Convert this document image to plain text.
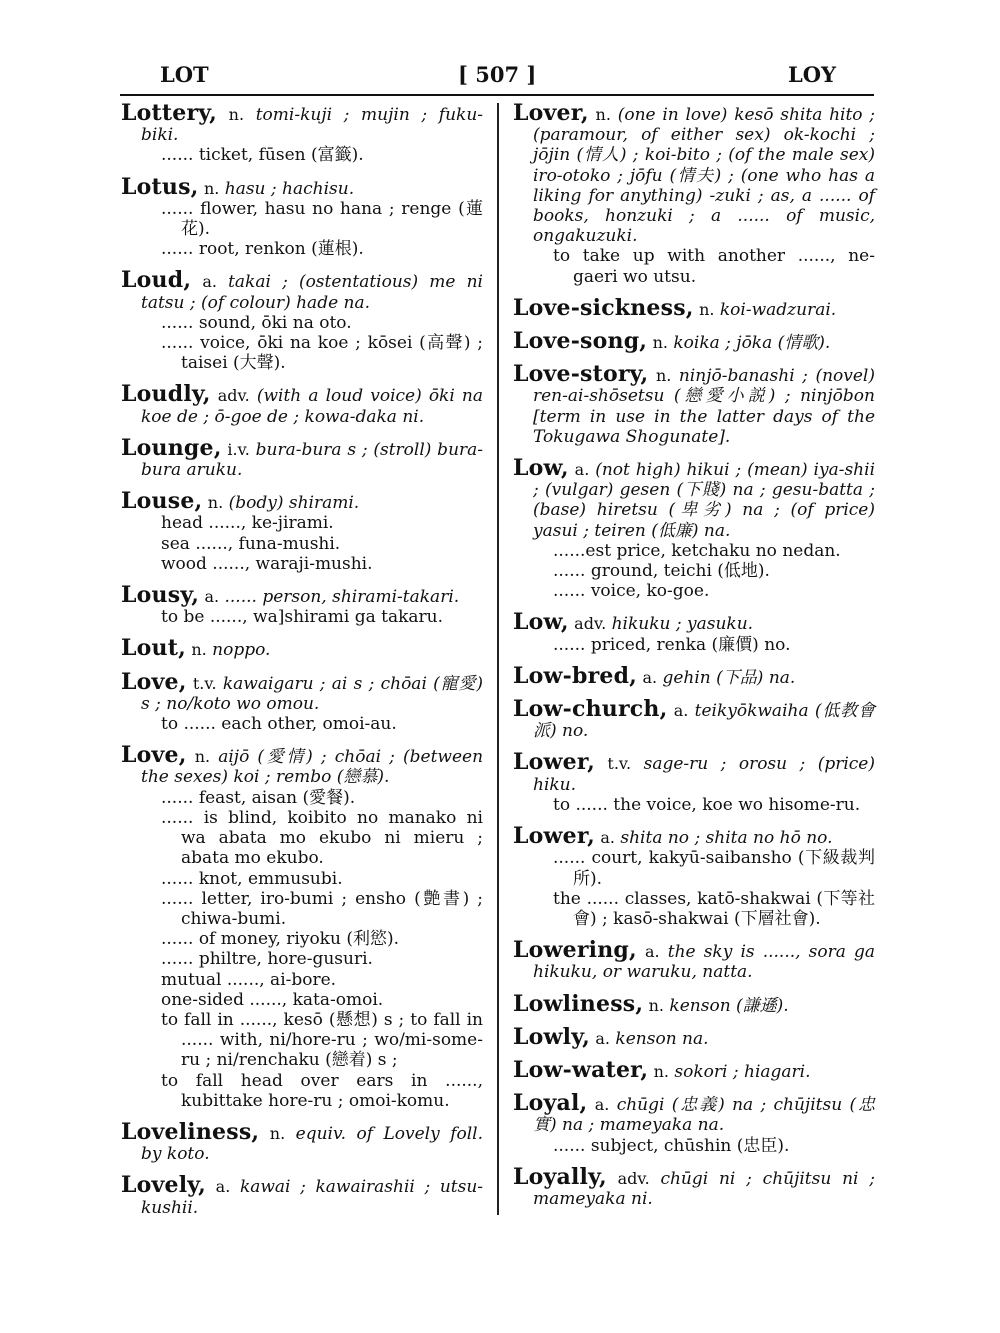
LOT	[ 507 ]	LOY
Lottery, n. tomi-kuji ; mujin ; fuku-biki.
...... ticket, fūsen (富籤).
Lotus, n. hasu ; hachisu.
...... flower, hasu no hana ; renge (蓮花).
...... root, renkon (蓮根).
Loud, a. takai ; (ostentatious) me ni tatsu ; (of colour) hade na.
...... sound, ōki na oto.
...... voice, ōki na koe ; kōsei (高聲) ; taisei (大聲).
Loudly, adv. (with a loud voice) ōki na koe de ; ō-goe de ; kowa-daka ni.
Lounge, i.v. bura-bura s ; (stroll) bura-bura aruku.
Louse, n. (body) shirami.
head ......, ke-jirami.
sea ......, funa-mushi.
wood ......, waraji-mushi.
Lousy, a. ...... person, shirami-takari.
to be ......, wa]shirami ga takaru.
Lout, n. noppo.
Love, t.v. kawaigaru ; ai s ; chōai (寵愛) s ; no/koto wo omou.
to ...... each other, omoi-au.
Love, n. aijō (愛情) ; chōai ; (between the sexes) koi ; rembo (戀慕).
...... feast, aisan (愛餐).
...... is blind, koibito no manako ni wa abata mo ekubo ni mieru ; abata mo ekubo.
...... knot, emmusubi.
...... letter, iro-bumi ; ensho (艶書) ; chiwa-bumi.
...... of money, riyoku (利慾).
...... philtre, hore-gusuri.
mutual ......, ai-bore.
one-sided ......, kata-omoi.
to fall in ......, kesō (懸想) s ; to fall in ...... with, ni/hore-ru ; wo/mi-some-ru ; ni/renchaku (戀着) s ;
to fall head over ears in ......, kubittake hore-ru ; omoi-komu.
Loveliness, n. equiv. of Lovely foll. by koto.
Lovely, a. kawai ; kawairashii ; utsu-kushii.
Lover, n. (one in love) kesō shita hito ; (paramour, of either sex) ok-kochi ; jōjin (情人) ; koi-bito ; (of the male sex) iro-otoko ; jōfu (情夫) ; (one who has a liking for anything) -zuki ; as, a ...... of books, honzuki ; a ...... of music, ongakuzuki.
to take up with another ......, ne-gaeri wo utsu.
Love-sickness, n. koi-wadzurai.
Love-song, n. koika ; jōka (情歌).
Love-story, n. ninjō-banashi ; (novel) ren-ai-shōsetsu (戀愛小説) ; ninjōbon [term in use in the latter days of the Tokugawa Shogunate].
Low, a. (not high) hikui ; (mean) iya-shii ; (vulgar) gesen (下賤) na ; gesu-batta ; (base) hiretsu (卑劣) na ; (of price) yasui ; teiren (低廉) na.
......est price, ketchaku no nedan.
...... ground, teichi (低地).
...... voice, ko-goe.
Low, adv. hikuku ; yasuku.
...... priced, renka (廉價) no.
Low-bred, a. gehin (下品) na.
Low-church, a. teikyōkwaiha (低教會派) no.
Lower, t.v. sage-ru ; orosu ; (price) hiku.
to ...... the voice, koe wo hisome-ru.
Lower, a. shita no ; shita no hō no.
...... court, kakyū-saibansho (下級裁判所).
the ...... classes, katō-shakwai (下等社會) ; kasō-shakwai (下層社會).
Lowering, a. the sky is ......, sora ga hikuku, or waruku, natta.
Lowliness, n. kenson (謙遜).
Lowly, a. kenson na.
Low-water, n. sokori ; hiagari.
Loyal, a. chūgi (忠義) na ; chūjitsu (忠實) na ; mameyaka na.
...... subject, chūshin (忠臣).
Loyally, adv. chūgi ni ; chūjitsu ni ; mameyaka ni.
